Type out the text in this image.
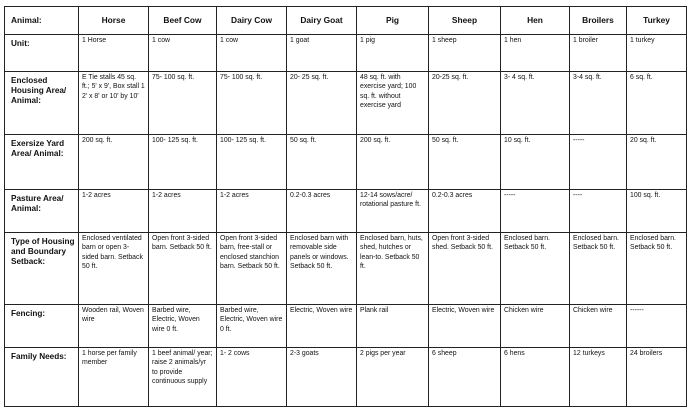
Animal:	Horse	Beef Cow	Dairy Cow	Dairy Goat	Pig	Sheep	Hen	Broilers	Turkey
Unit:	1 Horse	1 cow	1 cow	1 goat	1 pig	1 sheep	1 hen	1 broiler	1 turkey
Enclosed Housing Area/ Animal:	E Tie stalls 45 sq. ft.; 5' x 9', Box stall 1 2' x 8' or 10' by 10'	75- 100 sq. ft.	75- 100 sq. ft.	20- 25 sq. ft.	48 sq. ft. with exercise yard; 100 sq. ft. without exercise yard	20-25 sq. ft.	3- 4 sq. ft.	3-4 sq. ft.	6 sq. ft.
Exersize Yard Area/ Animal:	200 sq. ft.	100- 125 sq. ft.	100- 125 sq. ft.	50 sq. ft.	200 sq. ft.	50 sq. ft.	10 sq. ft.	-----	20 sq. ft.
Pasture Area/ Animal:	1-2 acres	1-2 acres	1-2 acres	0.2-0.3 acres	12-14 sows/acre/ rotational pasture ft.	0.2-0.3 acres	-----	----	100 sq. ft.
Type of Housing and Boundary Setback:	Enclosed ventilated barn or open 3-sided barn. Setback 50 ft.	Open front 3-sided barn. Setback 50 ft.	Open front 3-sided barn, free-stall or enclosed stanchion barn. Setback 50 ft.	Enclosed barn with removable side panels or windows. Setback 50 ft.	Enclosed barn, huts, shed, hutches or lean-to. Setback 50 ft.	Open front 3-sided shed. Setback 50 ft.	Enclosed barn. Setback 50 ft.	Enclosed barn. Setback 50 ft.	Enclosed barn. Setback 50 ft.
Fencing:	Wooden rail, Woven wire	Barbed wire, Electric, Woven wire 0 ft.	Barbed wire, Electric, Woven wire 0 ft.	Electric, Woven wire	Plank rail	Electric, Woven wire	Chicken wire	Chicken wire	------
Family Needs:	1 horse per family member	1 beef animal/ year; raise 2 animals/yr to provide continuous supply	1- 2 cows	2-3 goats	2 pigs per year	6 sheep	6 hens	12 turkeys	24 broilers
